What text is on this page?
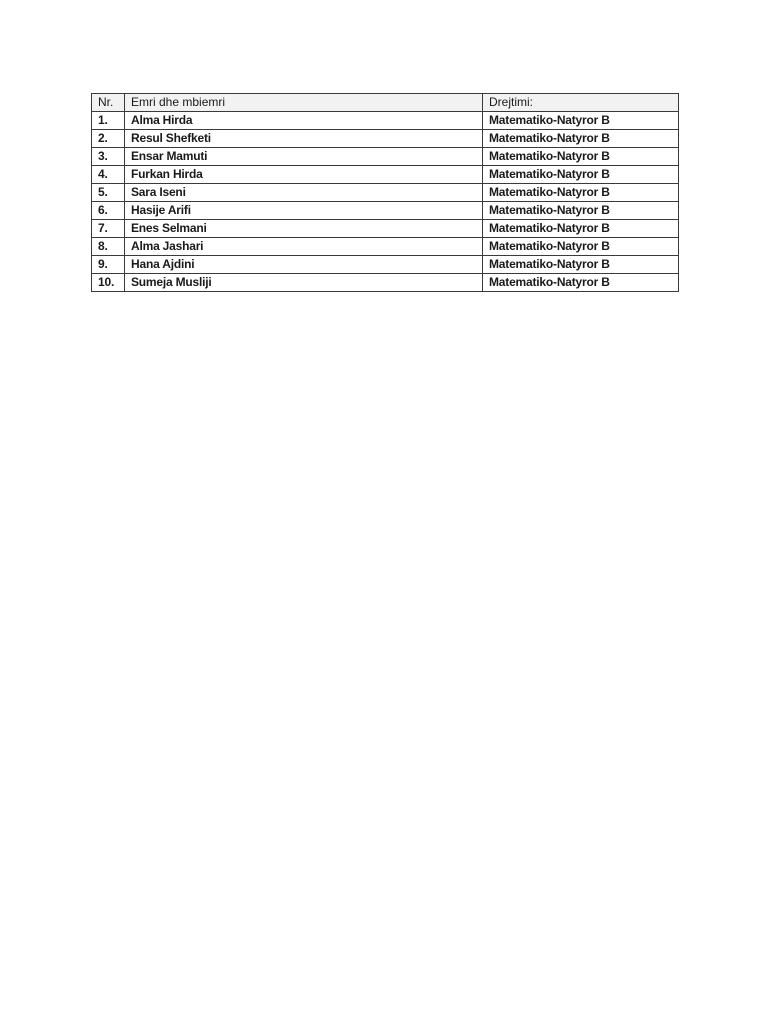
Nr.	Emri dhe mbiemri	Drejtimi:
1.	Alma Hirda	Matematiko-Natyror B
2.	Resul Shefketi	Matematiko-Natyror B
3.	Ensar Mamuti	Matematiko-Natyror B
4.	Furkan Hirda	Matematiko-Natyror B
5.	Sara Iseni	Matematiko-Natyror B
6.	Hasije Arifi	Matematiko-Natyror B
7.	Enes Selmani	Matematiko-Natyror B
8.	Alma Jashari	Matematiko-Natyror B
9.	Hana Ajdini	Matematiko-Natyror B
10.	Sumeja Musliji	Matematiko-Natyror B
